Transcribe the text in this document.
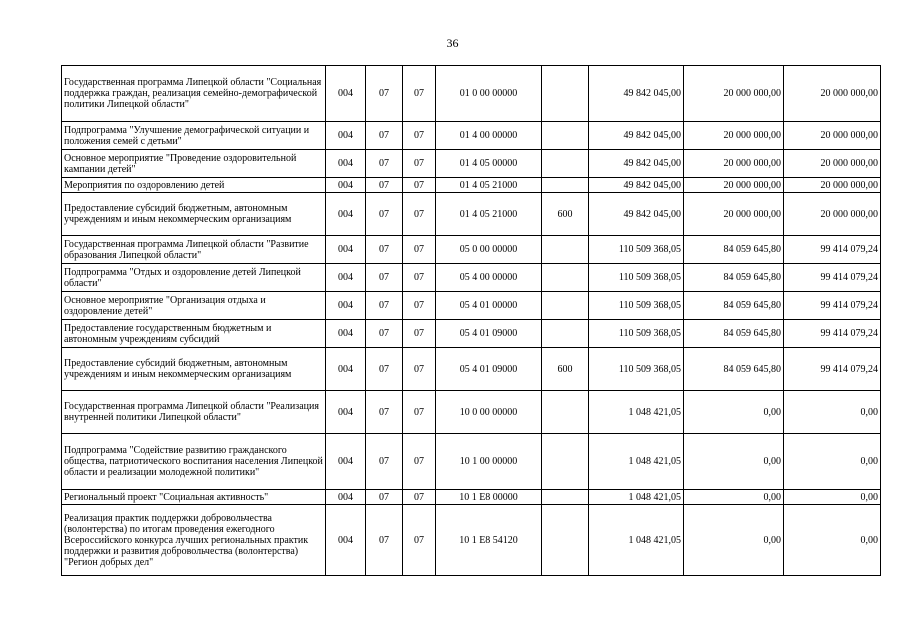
36
Государственная программа Липецкой области "Социальная поддержка граждан, реализация семейно-демографической политики Липецкой области"	004	07	07	01 0 00 00000		49 842 045,00	20 000 000,00	20 000 000,00
Подпрограмма "Улучшение демографической ситуации и положения семей с детьми"	004	07	07	01 4 00 00000		49 842 045,00	20 000 000,00	20 000 000,00
Основное мероприятие "Проведение оздоровительной кампании детей"	004	07	07	01 4 05 00000		49 842 045,00	20 000 000,00	20 000 000,00
Мероприятия по оздоровлению детей	004	07	07	01 4 05 21000		49 842 045,00	20 000 000,00	20 000 000,00
Предоставление субсидий бюджетным, автономным учреждениям и иным некоммерческим организациям	004	07	07	01 4 05 21000	600	49 842 045,00	20 000 000,00	20 000 000,00
Государственная программа Липецкой области "Развитие образования Липецкой области"	004	07	07	05 0 00 00000		110 509 368,05	84 059 645,80	99 414 079,24
Подпрограмма "Отдых и оздоровление детей Липецкой области"	004	07	07	05 4 00 00000		110 509 368,05	84 059 645,80	99 414 079,24
Основное мероприятие "Организация отдыха и оздоровление детей"	004	07	07	05 4 01 00000		110 509 368,05	84 059 645,80	99 414 079,24
Предоставление государственным бюджетным и автономным учреждениям субсидий	004	07	07	05 4 01 09000		110 509 368,05	84 059 645,80	99 414 079,24
Предоставление субсидий бюджетным, автономным учреждениям и иным некоммерческим организациям	004	07	07	05 4 01 09000	600	110 509 368,05	84 059 645,80	99 414 079,24
Государственная программа Липецкой области "Реализация внутренней политики Липецкой области"	004	07	07	10 0 00 00000		1 048 421,05	0,00	0,00
Подпрограмма "Содействие развитию гражданского общества, патриотического воспитания населения Липецкой области и реализации молодежной политики"	004	07	07	10 1 00 00000		1 048 421,05	0,00	0,00
Региональный проект "Социальная активность"	004	07	07	10 1 E8 00000		1 048 421,05	0,00	0,00
Реализация практик поддержки добровольчества (волонтерства) по итогам проведения ежегодного Всероссийского конкурса лучших региональных практик поддержки и развития добровольчества (волонтерства) "Регион добрых дел"	004	07	07	10 1 E8 54120		1 048 421,05	0,00	0,00
